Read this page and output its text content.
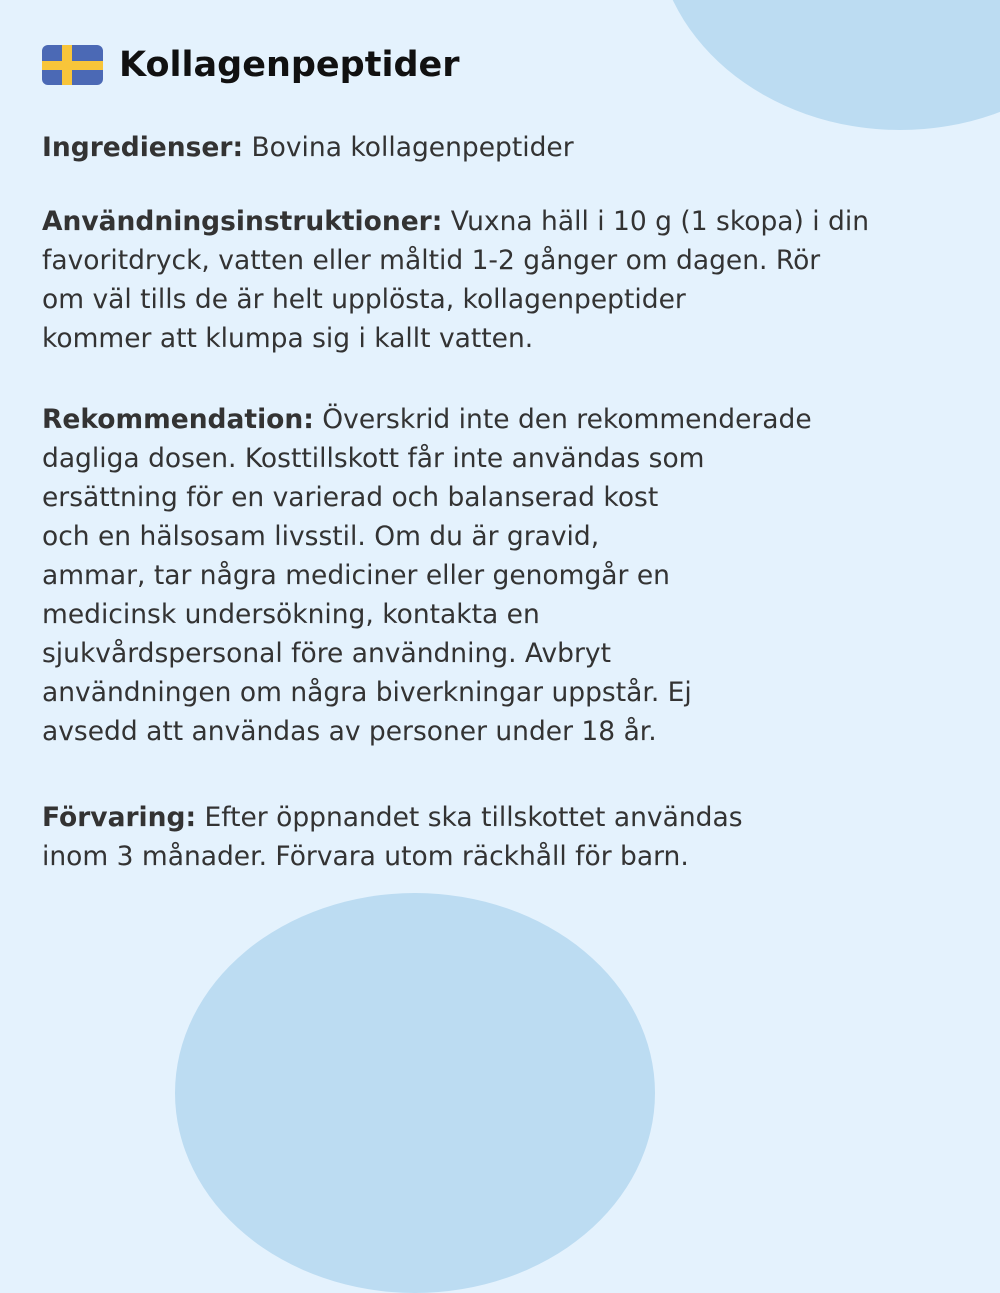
Kollagenpeptider
Ingredienser: Bovina kollagenpeptider
Användningsinstruktioner: Vuxna häll i 10 g (1 skopa) i din
favoritdryck, vatten eller måltid 1-2 gånger om dagen. Rör
om väl tills de är helt upplösta, kollagenpeptider
kommer att klumpa sig i kallt vatten.
Rekommendation: Överskrid inte den rekommenderade
dagliga dosen. Kosttillskott får inte användas som
ersättning för en varierad och balanserad kost
och en hälsosam livsstil. Om du är gravid,
ammar, tar några mediciner eller genomgår en
medicinsk undersökning, kontakta en
sjukvårdspersonal före användning. Avbryt
användningen om några biverkningar uppstår. Ej
avsedd att användas av personer under 18 år.
Förvaring: Efter öppnandet ska tillskottet användas
inom 3 månader. Förvara utom räckhåll för barn.
